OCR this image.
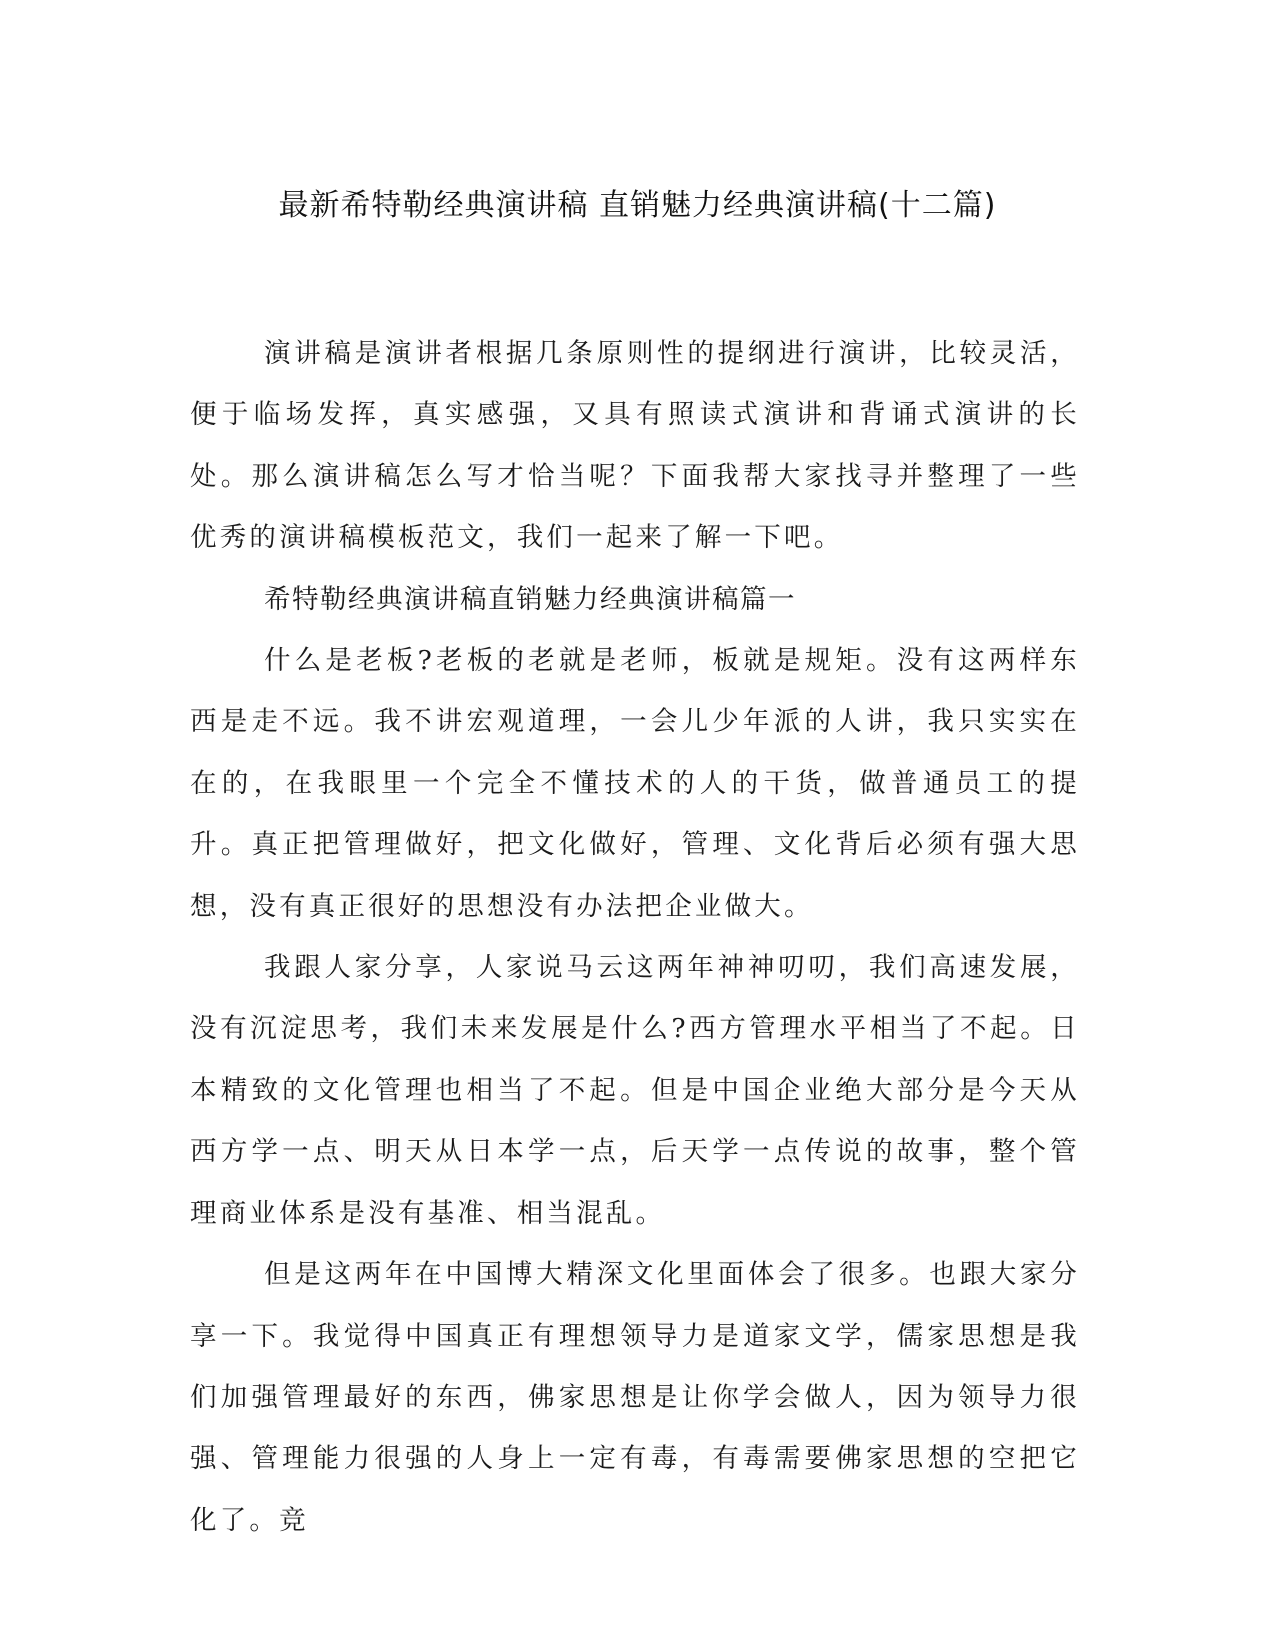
最新希特勒经典演讲稿 直销魅力经典演讲稿(十二篇)

演讲稿是演讲者根据几条原则性的提纲进行演讲，比较灵活，便于临场发挥，真实感强，又具有照读式演讲和背诵式演讲的长处。那么演讲稿怎么写才恰当呢？下面我帮大家找寻并整理了一些优秀的演讲稿模板范文，我们一起来了解一下吧。

希特勒经典演讲稿直销魅力经典演讲稿篇一

什么是老板?老板的老就是老师，板就是规矩。没有这两样东西是走不远。我不讲宏观道理，一会儿少年派的人讲，我只实实在在的，在我眼里一个完全不懂技术的人的干货，做普通员工的提升。真正把管理做好，把文化做好，管理、文化背后必须有强大思想，没有真正很好的思想没有办法把企业做大。

我跟人家分享，人家说马云这两年神神叨叨，我们高速发展，没有沉淀思考，我们未来发展是什么?西方管理水平相当了不起。日本精致的文化管理也相当了不起。但是中国企业绝大部分是今天从西方学一点、明天从日本学一点，后天学一点传说的故事，整个管理商业体系是没有基准、相当混乱。

但是这两年在中国博大精深文化里面体会了很多。也跟大家分享一下。我觉得中国真正有理想领导力是道家文学，儒家思想是我们加强管理最好的东西，佛家思想是让你学会做人，因为领导力很强、管理能力很强的人身上一定有毒，有毒需要佛家思想的空把它化了。竞
